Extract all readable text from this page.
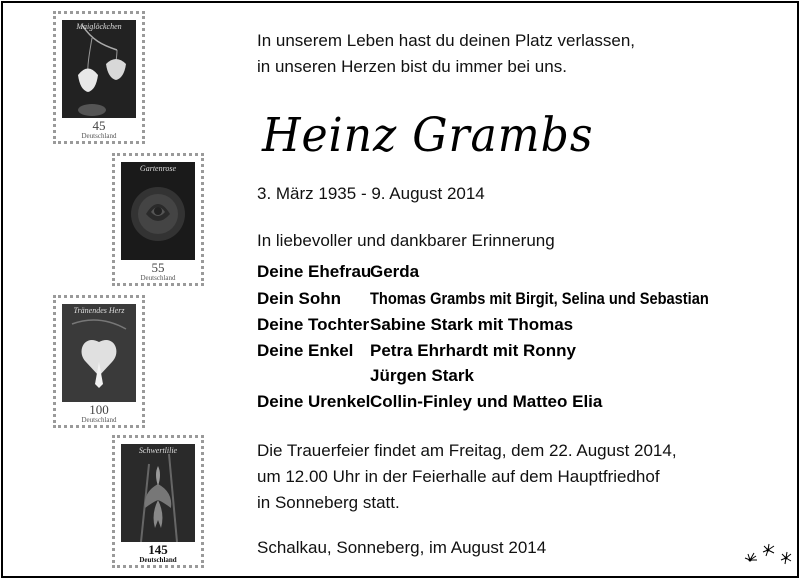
Maiglöckchen
45
Deutschland
Gartenrose
55
Deutschland
Tränendes Herz
100
Deutschland
Schwertlilie
145
Deutschland
In unserem Leben hast du deinen Platz verlassen,
in unseren Herzen bist du immer bei uns.
Heinz Grambs
3. März 1935 - 9. August 2014
In liebevoller und dankbarer Erinnerung
Deine Ehefrau
Gerda
Dein Sohn Thomas Grambs mit Birgit, Selina und Sebastian
Deine Tochter Sabine Stark mit Thomas
Deine Enkel Petra Ehrhardt mit Ronny
Jürgen Stark
Deine Urenkel Collin-Finley und Matteo Elia
Die Trauerfeier findet am Freitag, dem 22. August 2014,
um 12.00 Uhr in der Feierhalle auf dem Hauptfriedhof
in Sonneberg statt.
Schalkau, Sonneberg, im August 2014
